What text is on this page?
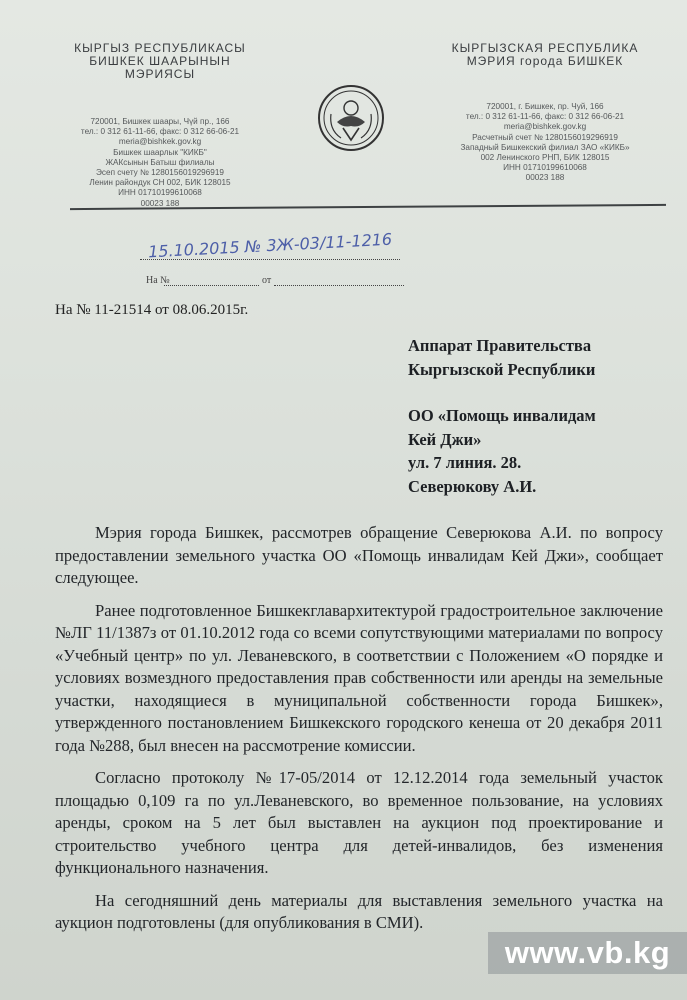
КЫРГЫЗ РЕСПУБЛИКАСЫ
БИШКЕК ШААРЫНЫН
МЭРИЯСЫ
720001, Бишкек шаары, Чүй пр., 166
тел.: 0 312 61-11-66, факс: 0 312 66-06-21
meria@bishkek.gov.kg
Бишкек шаарлык "КИКБ"
ЖАКсынын Батыш филиалы
Эсеп счету № 1280156019296919
Ленин райондук СН 002, БИК 128015
ИНН 01710199610068
00023 188
КЫРГЫЗСКАЯ РЕСПУБЛИКА
МЭРИЯ города БИШКЕК
720001, г. Бишкек, пр. Чуй, 166
тел.: 0 312 61-11-66, факс: 0 312 66-06-21
meria@bishkek.gov.kg
Расчетный счет № 1280156019296919
Западный Бишкекский филиал ЗАО «КИКБ»
002 Ленинского РНП, БИК 128015
ИНН 01710199610068
00023 188
15.10.2015 № 3Ж-03/11-1216
На №	от
На № 11-21514 от 08.06.2015г.
Аппарат Правительства
Кыргызской Республики
ОО «Помощь инвалидам
Кей Джи»
ул. 7 линия. 28.
Северюкову А.И.

Мэрия города Бишкек, рассмотрев обращение Северюкова А.И. по вопросу предоставлении земельного участка ОО «Помощь инвалидам Кей Джи», сообщает следующее.

Ранее подготовленное Бишкекглавархитектурой градостроительное заключение №ЛГ 11/1387з от 01.10.2012 года со всеми сопутствующими материалами по вопросу «Учебный центр» по ул. Леваневского, в соответствии с Положением «О порядке и условиях возмездного предоставления прав собственности или аренды на земельные участки, находящиеся в муниципальной собственности города Бишкек», утвержденного постановлением Бишкекского городского кенеша от 20 декабря 2011 года №288, был внесен на рассмотрение комиссии.

Согласно протоколу №17-05/2014 от 12.12.2014 года земельный участок площадью 0,109 га по ул.Леваневского, во временное пользование, на условиях аренды, сроком на 5 лет был выставлен на аукцион под проектирование и строительство учебного центра для детей-инвалидов, без изменения функционального назначения.

На сегодняшний день материалы для выставления земельного участка на аукцион подготовлены (для опубликования в СМИ).

www.vb.kg
